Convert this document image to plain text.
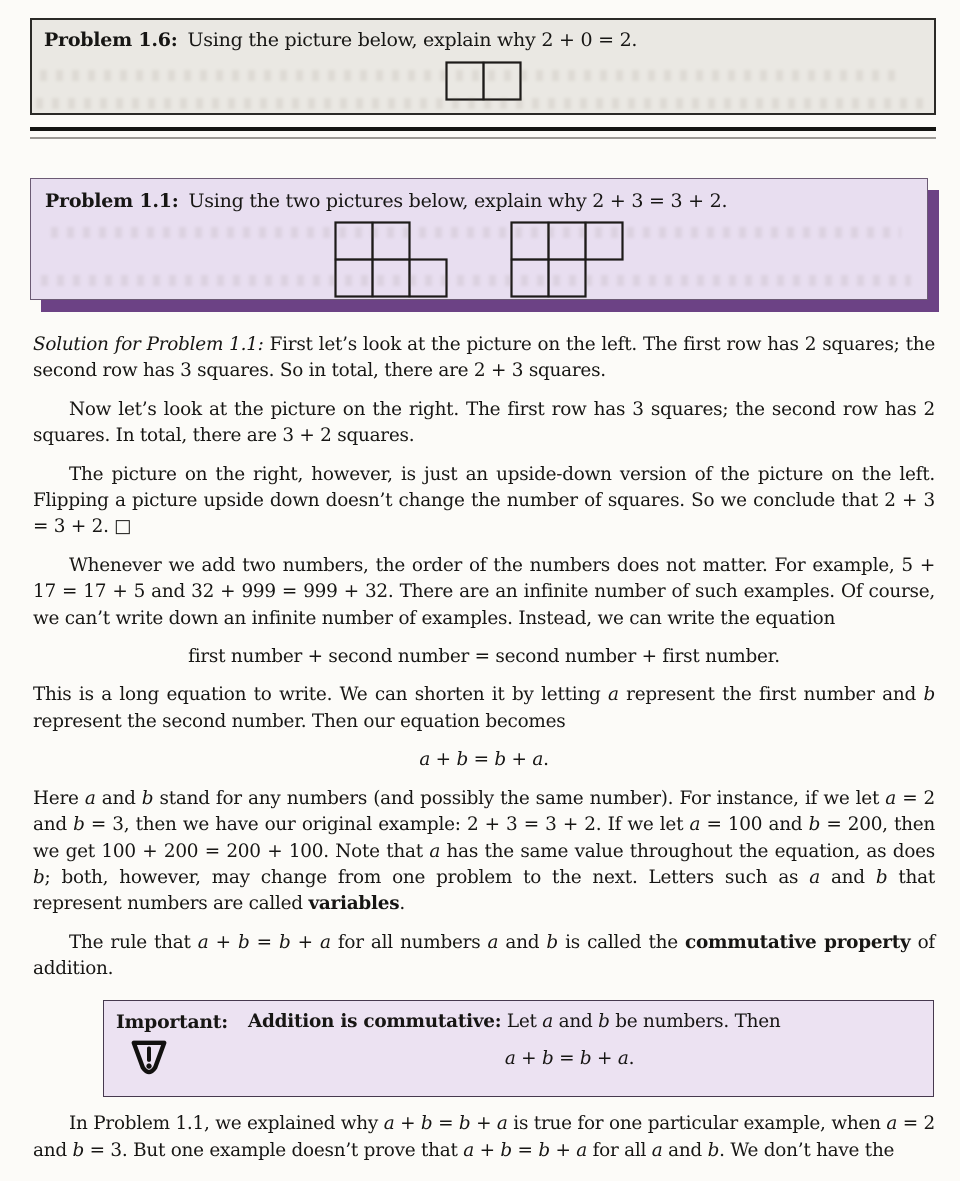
Problem 1.6: Using the picture below, explain why 2 + 0 = 2.

Problem 1.1: Using the two pictures below, explain why 2 + 3 = 3 + 2.

Solution for Problem 1.1: First let’s look at the picture on the left. The first row has 2 squares; the second row has 3 squares. So in total, there are 2 + 3 squares.

Now let’s look at the picture on the right. The first row has 3 squares; the second row has 2 squares. In total, there are 3 + 2 squares.

The picture on the right, however, is just an upside-down version of the picture on the left. Flipping a picture upside down doesn’t change the number of squares. So we conclude that 2 + 3 = 3 + 2. □

Whenever we add two numbers, the order of the numbers does not matter. For example, 5 + 17 = 17 + 5 and 32 + 999 = 999 + 32. There are an infinite number of such examples. Of course, we can’t write down an infinite number of examples. Instead, we can write the equation

first number + second number = second number + first number.

This is a long equation to write. We can shorten it by letting a represent the first number and b represent the second number. Then our equation becomes

a + b = b + a.

Here a and b stand for any numbers (and possibly the same number). For instance, if we let a = 2 and b = 3, then we have our original example: 2 + 3 = 3 + 2. If we let a = 100 and b = 200, then we get 100 + 200 = 200 + 100. Note that a has the same value throughout the equation, as does b; both, however, may change from one problem to the next. Letters such as a and b that represent numbers are called variables.

The rule that a + b = b + a for all numbers a and b is called the commutative property of addition.

Important:	Addition is commutative: Let a and b be numbers. Then
a + b = b + a.

In Problem 1.1, we explained why a + b = b + a is true for one particular example, when a = 2 and b = 3. But one example doesn’t prove that a + b = b + a for all a and b. We don’t have the
